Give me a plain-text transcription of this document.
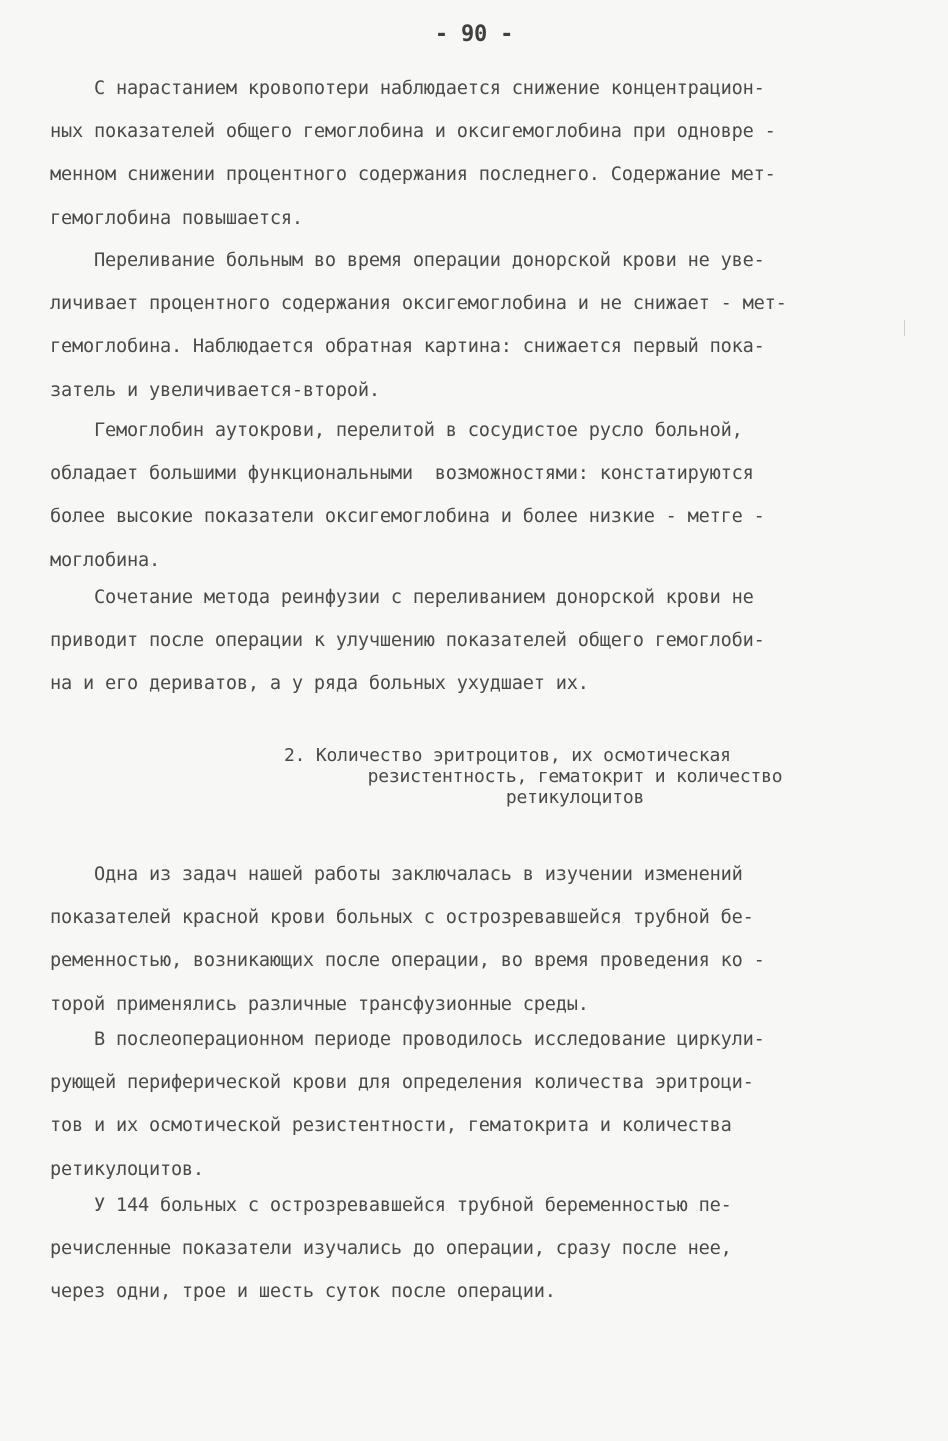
- 90 -

С нарастанием кровопотери наблюдается снижение концентрацион-
ных показателей общего гемоглобина и оксигемоглобина при одновре -
менном снижении процентного содержания последнего. Содержание мет-
гемоглобина повышается.

Переливание больным во время операции донорской крови не уве-
личивает процентного содержания оксигемоглобина и не снижает - мет-
гемоглобина. Наблюдается обратная картина: снижается первый пока-
затель и увеличивается-второй.

Гемоглобин аутокрови, перелитой в сосудистое русло больной,
обладает большими функциональными  возможностями: констатируются
более высокие показатели оксигемоглобина и более низкие - метге -
моглобина.

Сочетание метода реинфузии с переливанием донорской крови не
приводит после операции к улучшению показателей общего гемоглоби-
на и его дериватов, а у ряда больных ухудшает их.

2. Количество эритроцитов, их осмотическая
резистентность, гематокрит и количество
ретикулоцитов

Одна из задач нашей работы заключалась в изучении изменений
показателей красной крови больных с острозревавшейся трубной бе-
ременностью, возникающих после операции, во время проведения ко -
торой применялись различные трансфузионные среды.

В послеоперационном периоде проводилось исследование циркули-
рующей периферической крови для определения количества эритроци-
тов и их осмотической резистентности, гематокрита и количества
ретикулоцитов.

У 144 больных с острозревавшейся трубной беременностью пе-
речисленные показатели изучались до операции, сразу после нее,
через одни, трое и шесть суток после операции.
